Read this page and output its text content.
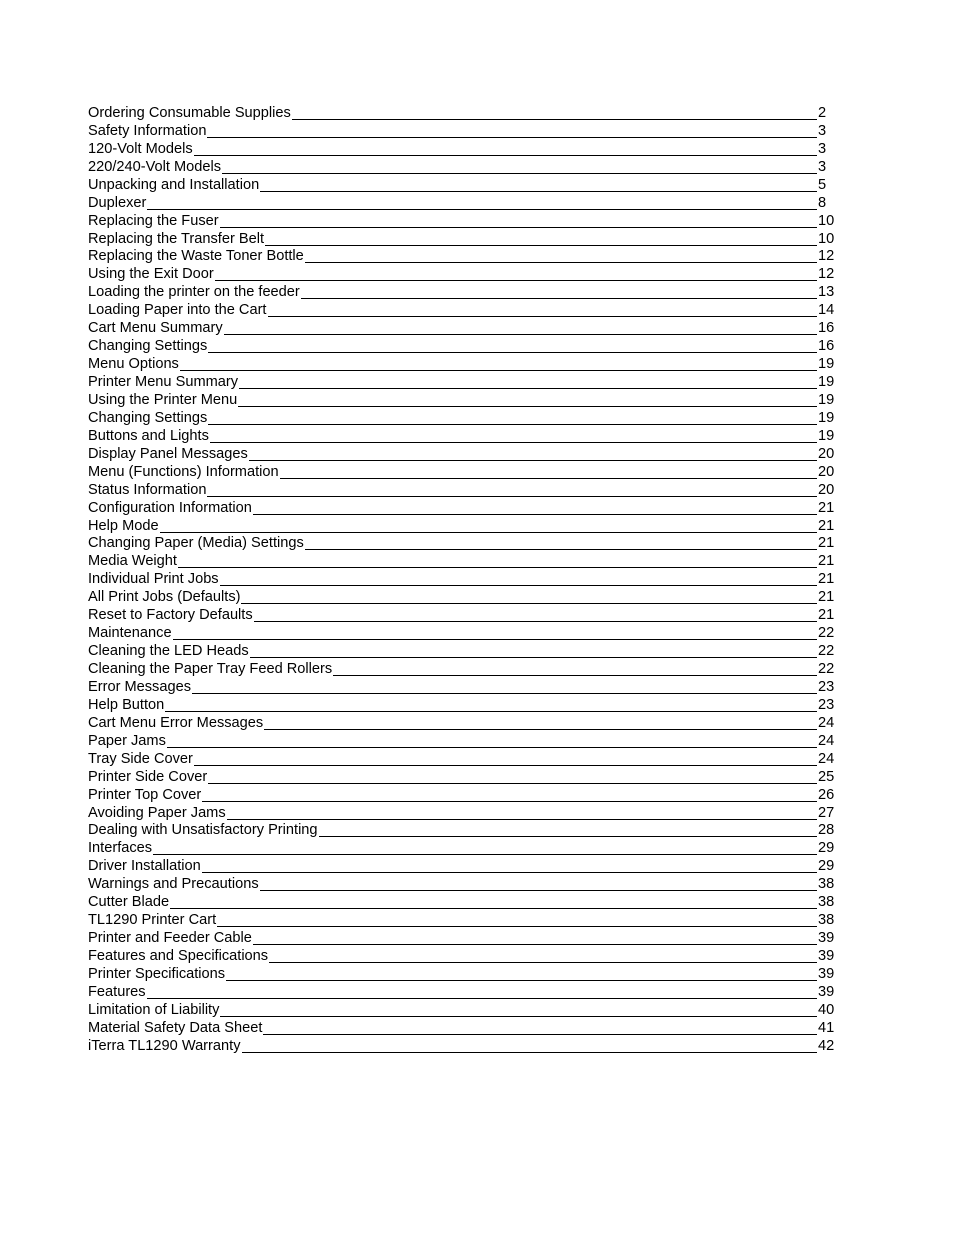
Ordering Consumable Supplies	2
Safety Information	3
120-Volt Models	3
220/240-Volt Models	3
Unpacking and Installation	5
Duplexer	8
Replacing the Fuser	10
Replacing the Transfer Belt	10
Replacing the Waste Toner Bottle	12
Using the Exit Door	12
Loading the printer on the feeder	13
Loading Paper into the Cart	14
Cart Menu Summary	16
Changing Settings	16
Menu Options	19
Printer Menu Summary	19
Using the Printer Menu	19
Changing Settings	19
Buttons and Lights	19
Display Panel Messages	20
Menu (Functions) Information	20
Status Information	20
Configuration Information	21
Help Mode	21
Changing Paper (Media) Settings	21
Media Weight	21
Individual Print Jobs	21
All Print Jobs (Defaults)	21
Reset to Factory Defaults	21
Maintenance	22
Cleaning the LED Heads	22
Cleaning the Paper Tray Feed Rollers	22
Error Messages	23
Help Button	23
Cart Menu Error Messages	24
Paper Jams	24
Tray Side Cover	24
Printer Side Cover	25
Printer Top Cover	26
Avoiding Paper Jams	27
Dealing with Unsatisfactory Printing	28
Interfaces	29
Driver Installation	29
Warnings and Precautions	38
Cutter Blade	38
TL1290 Printer Cart	38
Printer and Feeder Cable	39
Features and Specifications	39
Printer Specifications	39
Features	39
Limitation of Liability	40
Material Safety Data Sheet	41
iTerra TL1290 Warranty	42
